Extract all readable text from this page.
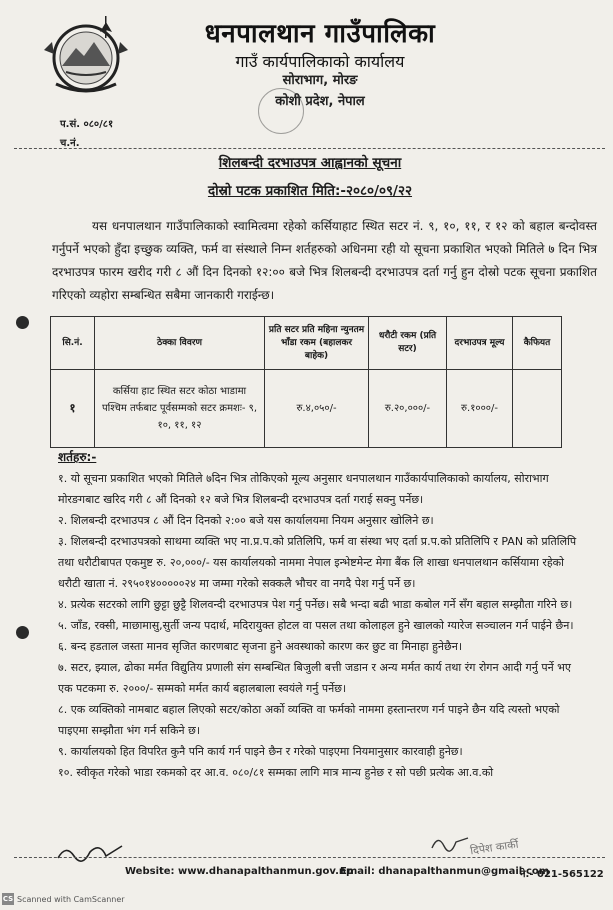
धनपालथान गाउँपालिका
गाउँ कार्यपालिकाको कार्यालय
सोराभाग, मोरङ
कोशी प्रदेश, नेपाल
प.सं. ०८०/८१
च.नं.
शिलबन्दी दरभाउपत्र आह्वानको सूचना
दोस्रो पटक प्रकाशित मिति:-२०८०/०९/२२

यस धनपालथान गाउँपालिकाको स्वामित्वमा रहेको कर्सियाहाट स्थित सटर नं. ९, १०, ११, र १२ को बहाल बन्दोवस्त गर्नुपर्ने भएको हुँदा इच्छुक व्यक्ति, फर्म वा संस्थाले निम्न शर्तहरुको अधिनमा रही यो सूचना प्रकाशित भएको मितिले ७ दिन भित्र दरभाउपत्र फारम खरीद गरी ८ औं दिन दिनको १२:०० बजे भित्र शिलबन्दी दरभाउपत्र दर्ता गर्नु हुन दोस्रो पटक सूचना प्रकाशित गरिएको व्यहोरा सम्बन्धित सबैमा जानकारी गराईन्छ।

सि.नं.	ठेक्का विवरण	प्रति सटर प्रति महिना न्युनतम भाँडा रकम (बहालकर बाहेक)	धरौटी रकम (प्रति सटर)	दरभाउपत्र मूल्य	कैफियत
१	कर्सिया हाट स्थित सटर कोठा भाडामा पश्चिम तर्फबाट पूर्वसम्मको सटर क्रमशः- ९, १०, ११, १२	रु.४,०५०/-	रु.२०,०००/-	रु.१०००/-	
शर्तहरु:-

१. यो सूचना प्रकाशित भएको मितिले ७दिन भित्र तोकिएको मूल्य अनुसार धनपालथान गाउँकार्यपालिकाको कार्यालय, सोराभाग मोरङगबाट खरिद गरी ८ औं दिनको १२ बजे भित्र शिलबन्दी दरभाउपत्र दर्ता गराई सक्नु पर्नेछ।

२. शिलबन्दी दरभाउपत्र ८ औं दिन दिनको २:०० बजे यस कार्यालयमा नियम अनुसार खोलिने छ।

३. शिलबन्दी दरभाउपत्रको साथमा व्यक्ति भए ना.प्र.प.को प्रतिलिपि, फर्म वा संस्था भए दर्ता प्र.प.को प्रतिलिपि र PAN को प्रतिलिपि तथा धरौटीबापत एकमुष्ट रु. २०,०००/- यस कार्यालयको नाममा नेपाल इन्भेष्टमेन्ट मेगा बैंक लि शाखा धनपालथान कर्सियामा रहेको धरौटी खाता नं. २९५०१४०००००२४ मा जम्मा गरेको सक्कलै भौचर वा नगदै पेश गर्नु पर्ने छ।

४. प्रत्येक सटरको लागि छुट्टा छुट्टै शिलवन्दी दरभाउपत्र पेश गर्नु पर्नेछ। सबै भन्दा बढी भाडा कबोल गर्ने सँग बहाल सम्झौता गरिने छ।

५. जाँड, रक्सी, माछामासु,सुर्ती जन्य पदार्थ, मदिरायुक्त होटल वा पसल तथा कोलाहल हुने खालको ग्यारेज सञ्चालन गर्न पाईने छैन।

६. बन्द हडताल जस्ता मानव सृजित कारणबाट सृजना हुने अवस्थाको कारण कर छुट वा मिनाहा हुनेछैन।

७. सटर, झ्याल, ढोका मर्मत विद्युतिय प्रणाली संग सम्बन्धित बिजुली बत्ती जडान र अन्य मर्मत कार्य तथा रंग रोगन आदी गर्नु पर्ने भए एक पटकमा रु. २०००/- सम्मको मर्मत कार्य बहालबाला स्वयंले गर्नु पर्नेछ।

८. एक व्यक्तिको नामबाट बहाल लिएको सटर/कोठा अर्को व्यक्ति वा फर्मको नाममा हस्तान्तरण गर्न पाइने छैन यदि त्यस्तो भएको पाइएमा सम्झौता भंग गर्न सकिने छ।

९. कार्यालयको हित विपरित कुनै पनि कार्य गर्न पाइने छैन र गरेको पाइएमा नियमानुसार कारवाही हुनेछ।

१०. स्वीकृत गरेको भाडा रकमको दर आ.व. ०८०/८१ सम्मका लागि मात्र मान्य हुनेछ र सो पछी प्रत्येक आ.व.को

दिपेश कार्की
Website: www.dhanapalthanmun.gov.np
Email: dhanapalthanmun@gmail.com
ने.- 021-565122
CS Scanned with CamScanner
